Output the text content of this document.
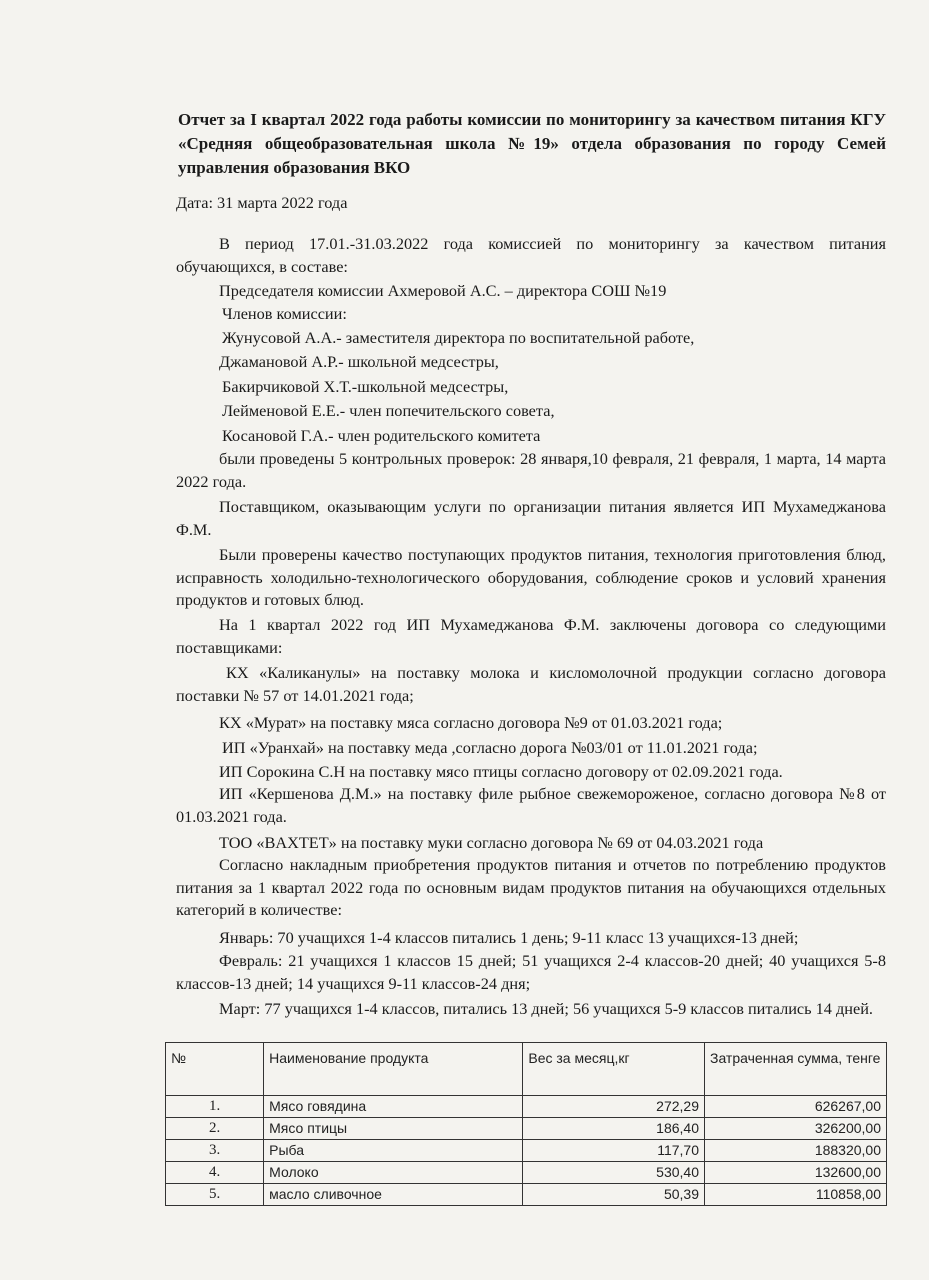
Отчет за I квартал 2022 года работы комиссии по мониторингу за качеством питания КГУ «Средняя общеобразовательная школа №19» отдела образования по городу Семей управления образования ВКО

Дата: 31 марта 2022 года

В период 17.01.-31.03.2022 года комиссией по мониторингу за качеством питания обучающихся, в составе:

Председателя комиссии Ахмеровой А.С. – директора СОШ №19

Членов комиссии:

Жунусовой А.А.- заместителя директора по воспитательной работе,

Джамановой А.Р.- школьной медсестры,

Бакирчиковой Х.Т.-школьной медсестры,

Лейменовой Е.Е.- член попечительского совета,

Косановой Г.А.- член родительского комитета

были проведены 5 контрольных проверок: 28 января,10 февраля, 21 февраля, 1 марта, 14 марта 2022 года.

Поставщиком, оказывающим услуги по организации питания является ИП Мухамеджанова Ф.М.

Были проверены качество поступающих продуктов питания, технология приготовления блюд, исправность холодильно-технологического оборудования, соблюдение сроков и условий хранения продуктов и готовых блюд.

На 1 квартал 2022 год ИП Мухамеджанова Ф.М. заключены договора со следующими поставщиками:

КХ «Каликанулы» на поставку молока и кисломолочной продукции согласно договора поставки № 57 от 14.01.2021 года;

КХ «Мурат» на поставку мяса согласно договора №9 от 01.03.2021 года;

ИП «Уранхай» на поставку меда ,согласно дорога №03/01 от 11.01.2021 года;

ИП Сорокина С.Н на поставку мясо птицы согласно договору от 02.09.2021 года.

ИП «Кершенова Д.М.» на поставку филе рыбное свежемороженое, согласно договора №8 от 01.03.2021 года.

ТОО «BAXTET» на поставку муки согласно договора № 69 от 04.03.2021 года

Согласно накладным приобретения продуктов питания и отчетов по потреблению продуктов питания за 1 квартал 2022 года по основным видам продуктов питания на обучающихся отдельных категорий в количестве:

Январь: 70 учащихся 1-4 классов питались 1 день; 9-11 класс 13 учащихся-13 дней;

Февраль: 21 учащихся 1 классов 15 дней; 51 учащихся 2-4 классов-20 дней; 40 учащихся 5-8 классов-13 дней; 14 учащихся 9-11 классов-24 дня;

Март: 77 учащихся 1-4 классов, питались 13 дней; 56 учащихся 5-9 классов питались 14 дней.

№	Наименование продукта	Вес за месяц,кг	Затраченная сумма, тенге
1.	Мясо говядина	272,29	626267,00
2.	Мясо птицы	186,40	326200,00
3.	Рыба	117,70	188320,00
4.	Молоко	530,40	132600,00
5.	масло сливочное	50,39	110858,00
